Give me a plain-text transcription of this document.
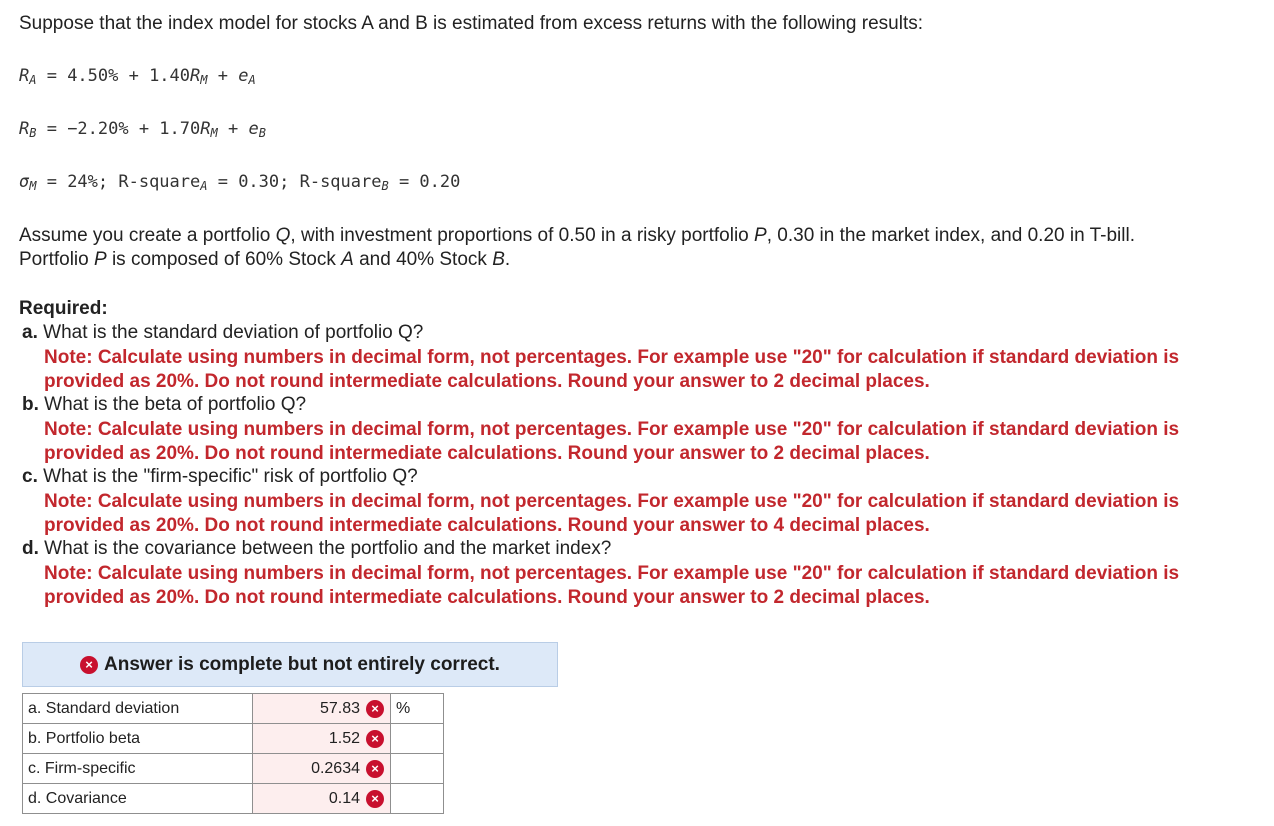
Suppose that the index model for stocks A and B is estimated from excess returns with the following results:
$R_A = 4.50\% + 1.40R_M + e_A$
$R_B = -2.20\% + 1.70R_M + e_B$
$\sigma_M = 24\%$; R-square$_A$ = 0.30; R-square$_B$ = 0.20
Assume you create a portfolio Q, with investment proportions of 0.50 in a risky portfolio P, 0.30 in the market index, and 0.20 in T-bill.
Portfolio P is composed of 60% Stock A and 40% Stock B.
Required:
a. What is the standard deviation of portfolio Q?
Note: Calculate using numbers in decimal form, not percentages. For example use "20" for calculation if standard deviation is
provided as 20%. Do not round intermediate calculations. Round your answer to 2 decimal places.
b. What is the beta of portfolio Q?
Note: Calculate using numbers in decimal form, not percentages. For example use "20" for calculation if standard deviation is
provided as 20%. Do not round intermediate calculations. Round your answer to 2 decimal places.
c. What is the "firm-specific" risk of portfolio Q?
Note: Calculate using numbers in decimal form, not percentages. For example use "20" for calculation if standard deviation is
provided as 20%. Do not round intermediate calculations. Round your answer to 4 decimal places.
d. What is the covariance between the portfolio and the market index?
Note: Calculate using numbers in decimal form, not percentages. For example use "20" for calculation if standard deviation is
provided as 20%. Do not round intermediate calculations. Round your answer to 2 decimal places.
× Answer is complete but not entirely correct.
a. Standard deviation	57.83 ×	%
b. Portfolio beta	1.52 ×	

c. Firm-specific	0.2634 ×	

d. Covariance	0.14 ×	
